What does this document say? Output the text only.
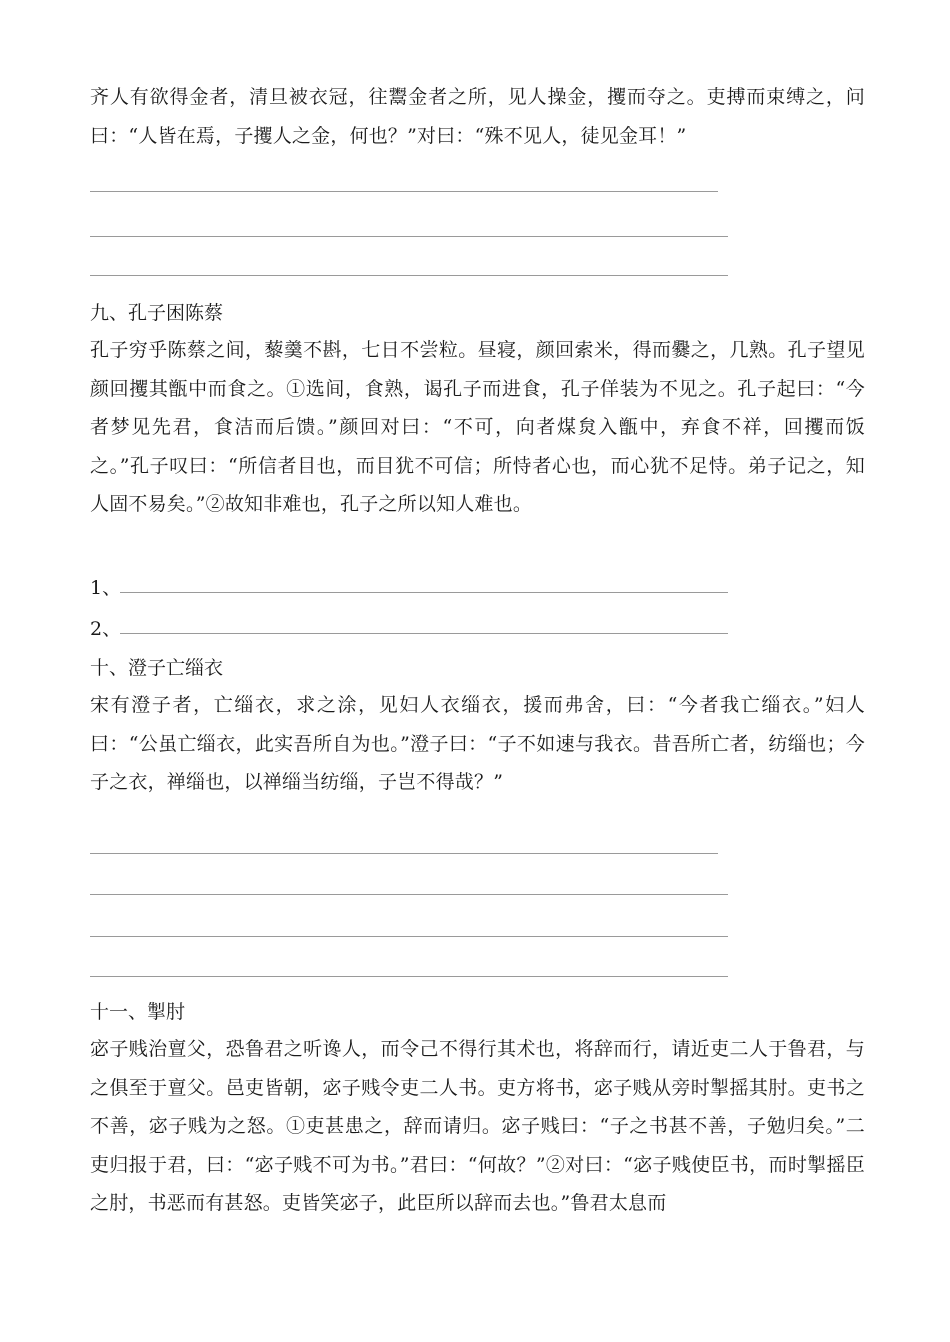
齐人有欲得金者，清旦被衣冠，往鬻金者之所，见人操金，攫而夺之。吏搏而束缚之，问曰：“人皆在焉，子攫人之金，何也？”对曰：“殊不见人，徒见金耳！”

九、孔子困陈蔡

孔子穷乎陈蔡之间，藜羹不斟，七日不尝粒。昼寝，颜回索米，得而爨之，几熟。孔子望见颜回攫其甑中而食之。①选间，食熟，谒孔子而进食，孔子佯装为不见之。孔子起曰：“今者梦见先君，食洁而后馈。”颜回对曰：“不可，向者煤炱入甑中，弃食不祥，回攫而饭之。”孔子叹曰：“所信者目也，而目犹不可信；所恃者心也，而心犹不足恃。弟子记之，知人固不易矣。”②故知非难也，孔子之所以知人难也。

1、
2、
十、澄子亡缁衣

宋有澄子者，亡缁衣，求之涂，见妇人衣缁衣，援而弗舍，曰：“今者我亡缁衣。”妇人曰：“公虽亡缁衣，此实吾所自为也。”澄子曰：“子不如速与我衣。昔吾所亡者，纺缁也；今子之衣，禅缁也，以禅缁当纺缁，子岂不得哉？”

十一、掣肘

宓子贱治亶父，恐鲁君之听谗人，而令己不得行其术也，将辞而行，请近吏二人于鲁君，与之俱至于亶父。邑吏皆朝，宓子贱令吏二人书。吏方将书，宓子贱从旁时掣摇其肘。吏书之不善，宓子贱为之怒。①吏甚患之，辞而请归。宓子贱曰：“子之书甚不善，子勉归矣。”二吏归报于君，曰：“宓子贱不可为书。”君曰：“何故？”②对曰：“宓子贱使臣书，而时掣摇臣之肘，书恶而有甚怒。吏皆笑宓子，此臣所以辞而去也。”鲁君太息而
